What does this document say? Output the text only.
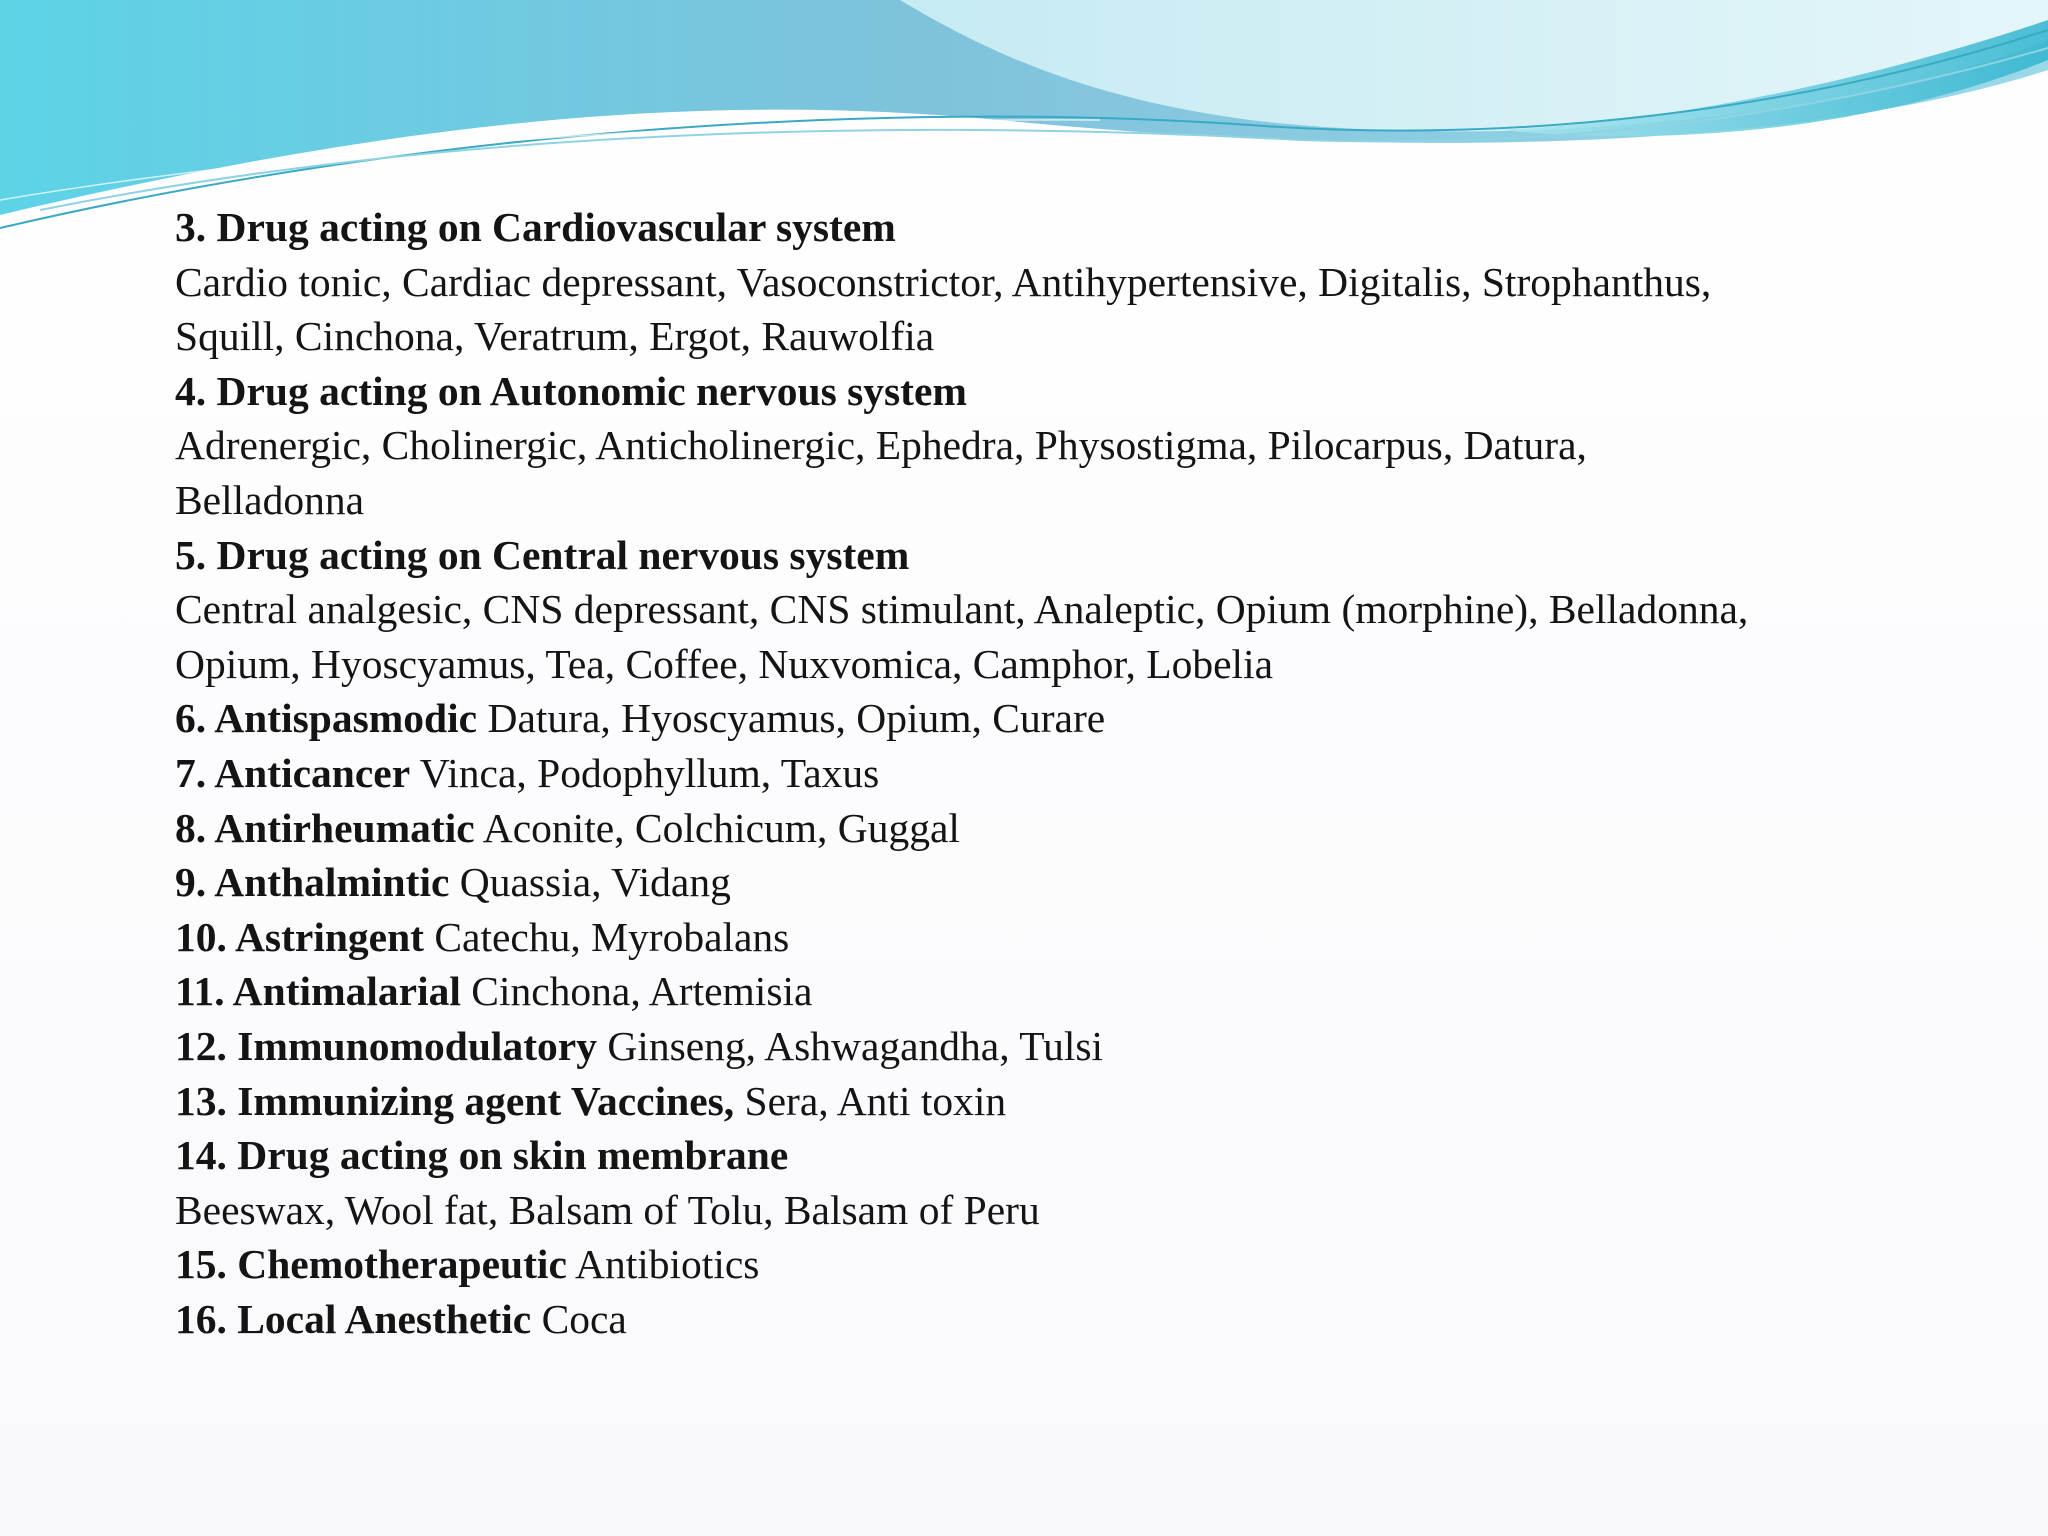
3. Drug acting on Cardiovascular system
Cardio tonic, Cardiac depressant, Vasoconstrictor, Antihypertensive, Digitalis, Strophanthus,
Squill, Cinchona, Veratrum, Ergot, Rauwolfia
4. Drug acting on Autonomic nervous system
Adrenergic, Cholinergic, Anticholinergic, Ephedra, Physostigma, Pilocarpus, Datura,
Belladonna
5. Drug acting on Central nervous system
Central analgesic, CNS depressant, CNS stimulant, Analeptic, Opium (morphine), Belladonna,
Opium, Hyoscyamus, Tea, Coffee, Nuxvomica, Camphor, Lobelia
6. Antispasmodic Datura, Hyoscyamus, Opium, Curare
7. Anticancer Vinca, Podophyllum, Taxus
8. Antirheumatic Aconite, Colchicum, Guggal
9. Anthalmintic Quassia, Vidang
10. Astringent Catechu, Myrobalans
11. Antimalarial Cinchona, Artemisia
12. Immunomodulatory Ginseng, Ashwagandha, Tulsi
13. Immunizing agent Vaccines, Sera, Anti toxin
14. Drug acting on skin membrane
Beeswax, Wool fat, Balsam of Tolu, Balsam of Peru
15. Chemotherapeutic Antibiotics
16. Local Anesthetic Coca
